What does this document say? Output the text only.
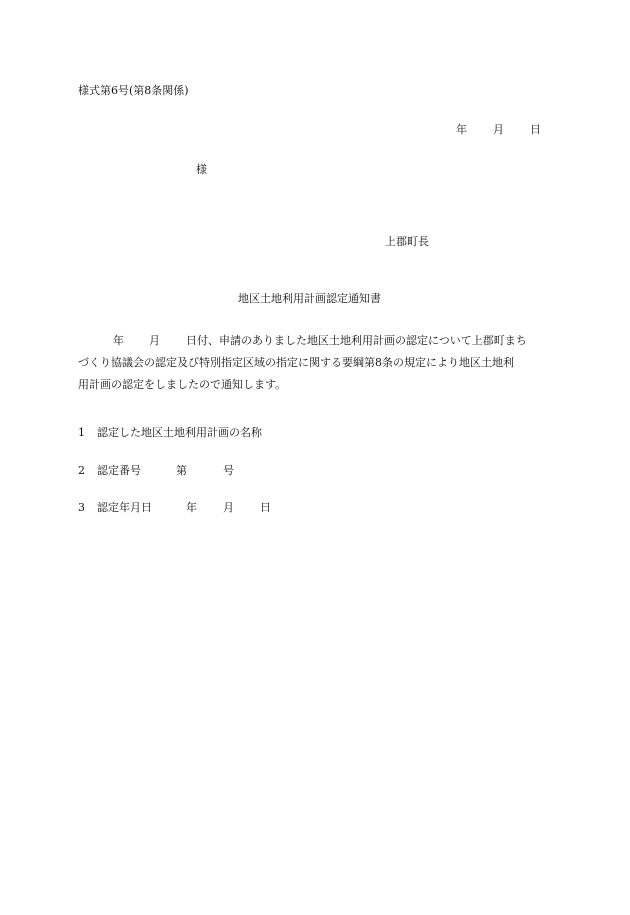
様式第6号(第8条関係)
年 月 日
様
上郡町長
地区土地利用計画認定通知書
年 月 日付、申請のありました地区土地利用計画の認定について上郡町まち
づくり協議会の認定及び特別指定区域の指定に関する要綱第8条の規定により地区土地利
用計画の認定をしましたので通知します。
1 認定した地区土地利用計画の名称
2 認定番号	第	号
3 認定年月日	年 月 日
